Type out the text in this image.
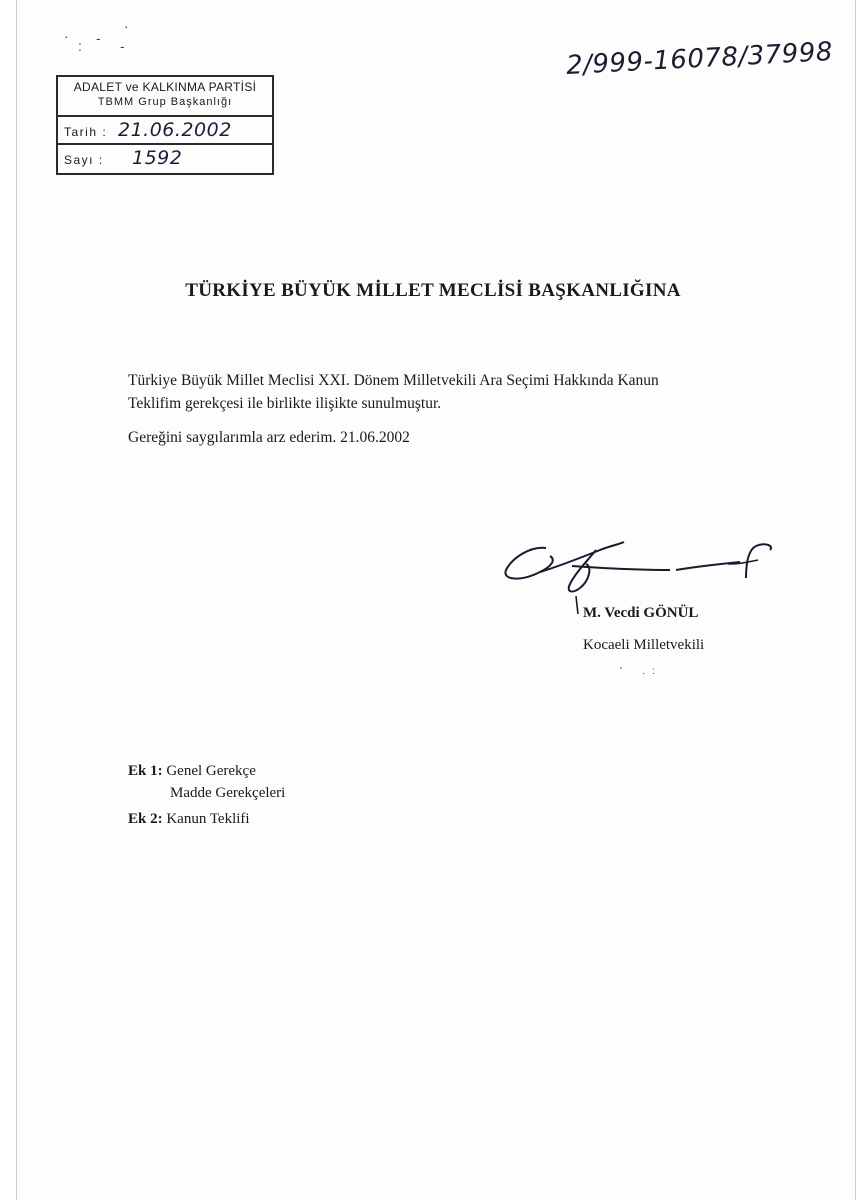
·
: -
·
-
ADALET ve KALKINMA PARTİSİ
TBMM Grup Başkanlığı
Tarih : 21.06.2002
Sayı : 1592
2/999-16078/37998
TÜRKİYE BÜYÜK MİLLET MECLİSİ BAŞKANLIĞINA
Türkiye Büyük Millet Meclisi XXI. Dönem Milletvekili Ara Seçimi Hakkında Kanun
Teklifim gerekçesi ile birlikte ilişikte sunulmuştur.
Gereğini saygılarımla arz ederim. 21.06.2002
M. Vecdi GÖNÜL
Kocaeli Milletvekili
' · :
Ek 1: Genel Gerekçe
Madde Gerekçeleri
Ek 2: Kanun Teklifi
